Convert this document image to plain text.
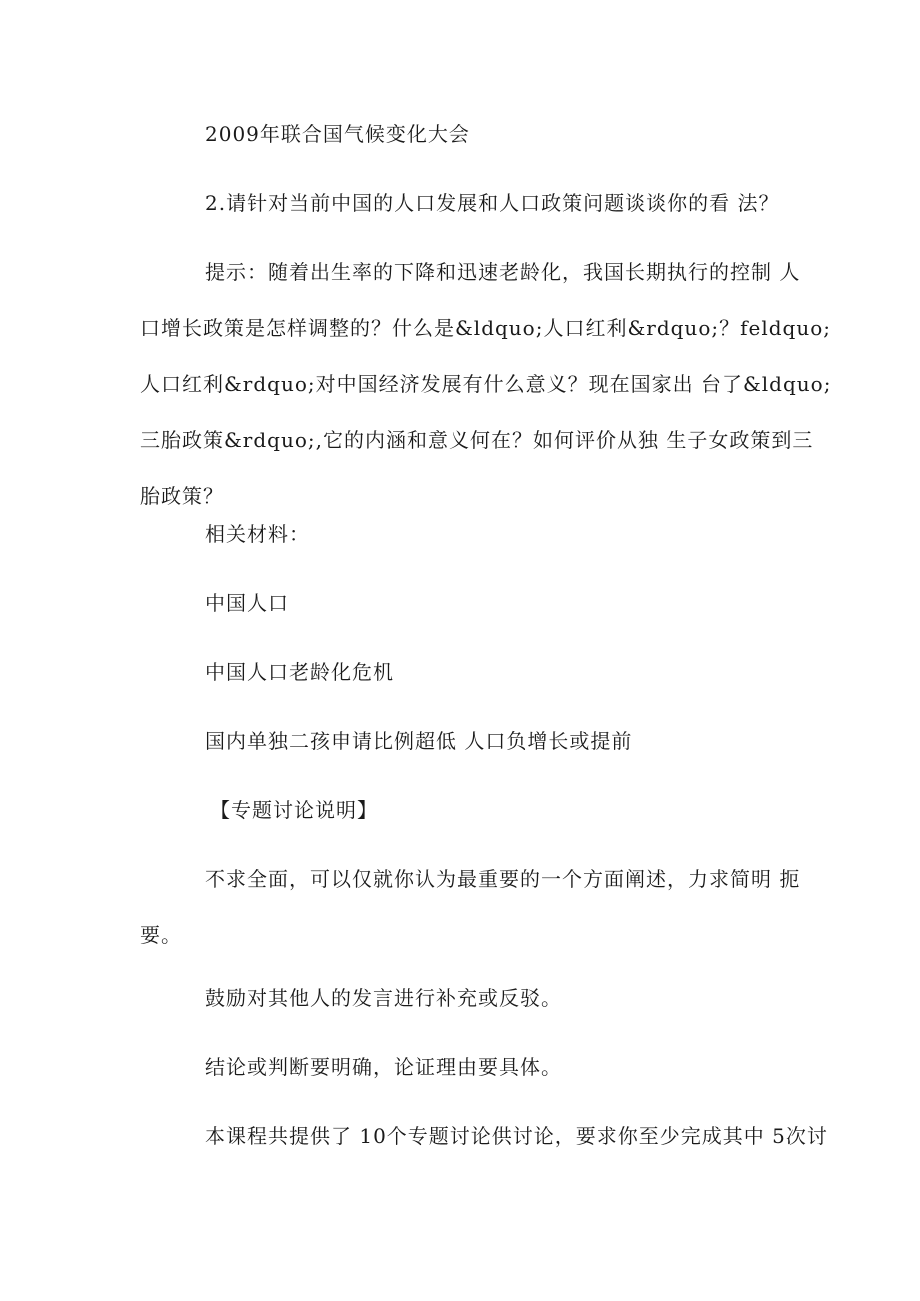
2009年联合国气候变化大会
2.请针对当前中国的人口发展和人口政策问题谈谈你的看 法？
提示：随着出生率的下降和迅速老龄化，我国长期执行的控制 人
口增长政策是怎样调整的？什么是&ldquo;人口红利&rdquo;？feldquo;
人口红利&rdquo;对中国经济发展有什么意义？现在国家出 台了&ldquo;
三胎政策&rdquo;,它的内涵和意义何在？如何评价从独 生子女政策到三
胎政策？
相关材料：
中国人口
中国人口老龄化危机
国内单独二孩申请比例超低 人口负增长或提前
【专题讨论说明】
不求全面，可以仅就你认为最重要的一个方面阐述，力求简明 扼
要。
鼓励对其他人的发言进行补充或反驳。
结论或判断要明确，论证理由要具体。
本课程共提供了 10个专题讨论供讨论，要求你至少完成其中 5次讨
